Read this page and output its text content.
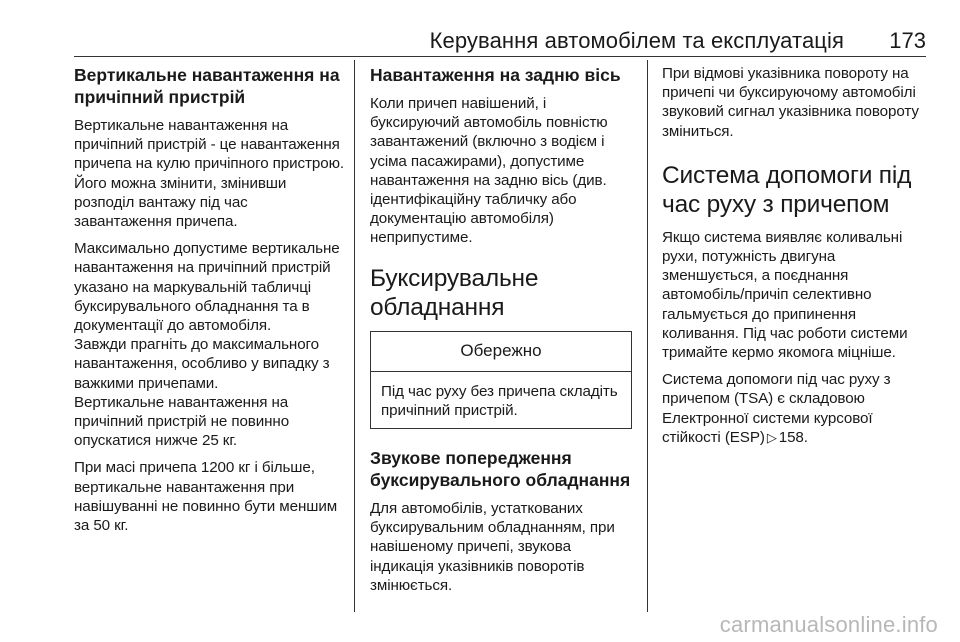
Керування автомобілем та експлуатація 173
Вертикальне навантаження на причіпний пристрій

Вертикальне навантаження на причіпний пристрій - це навантаження причепа на кулю причіпного пристрою. Його можна змінити, змінивши розподіл вантажу під час завантаження причепа.

Максимально допустиме вертикальне навантаження на причіпний пристрій указано на маркувальній табличці буксирувального обладнання та в документації до автомобіля.

Завжди прагніть до максимального навантаження, особливо у випадку з важкими причепами.

Вертикальне навантаження на причіпний пристрій не повинно опускатися нижче 25 кг.

При масі причепа 1200 кг і більше, вертикальне навантаження при навішуванні не повинно бути меншим за 50 кг.

Навантаження на задню вісь

Коли причеп навішений, і буксируючий автомобіль повністю завантажений (включно з водієм і усіма пасажирами), допустиме навантаження на задню вісь (див. ідентифікаційну табличку або документацію автомобіля) неприпустиме.

Буксирувальне обладнання
Обережно

Під час руху без причепа складіть причіпний пристрій.

Звукове попередження буксирувального обладнання

Для автомобілів, устаткованих буксирувальним обладнанням, при навішеному причепі, звукова індикація указівників поворотів змінюється.

При відмові указівника повороту на причепі чи буксируючому автомобілі звуковий сигнал указівника повороту зміниться.

Система допомоги під час руху з причепом

Якщо система виявляє коливальні рухи, потужність двигуна зменшується, а поєднання автомобіль/причіп селективно гальмується до припинення коливання. Під час роботи системи тримайте кермо якомога міцніше.

Система допомоги під час руху з причепом (TSA) є складовою Електронної системи курсової стійкості (ESP) ▷ 158.

carmanualsonline.info
